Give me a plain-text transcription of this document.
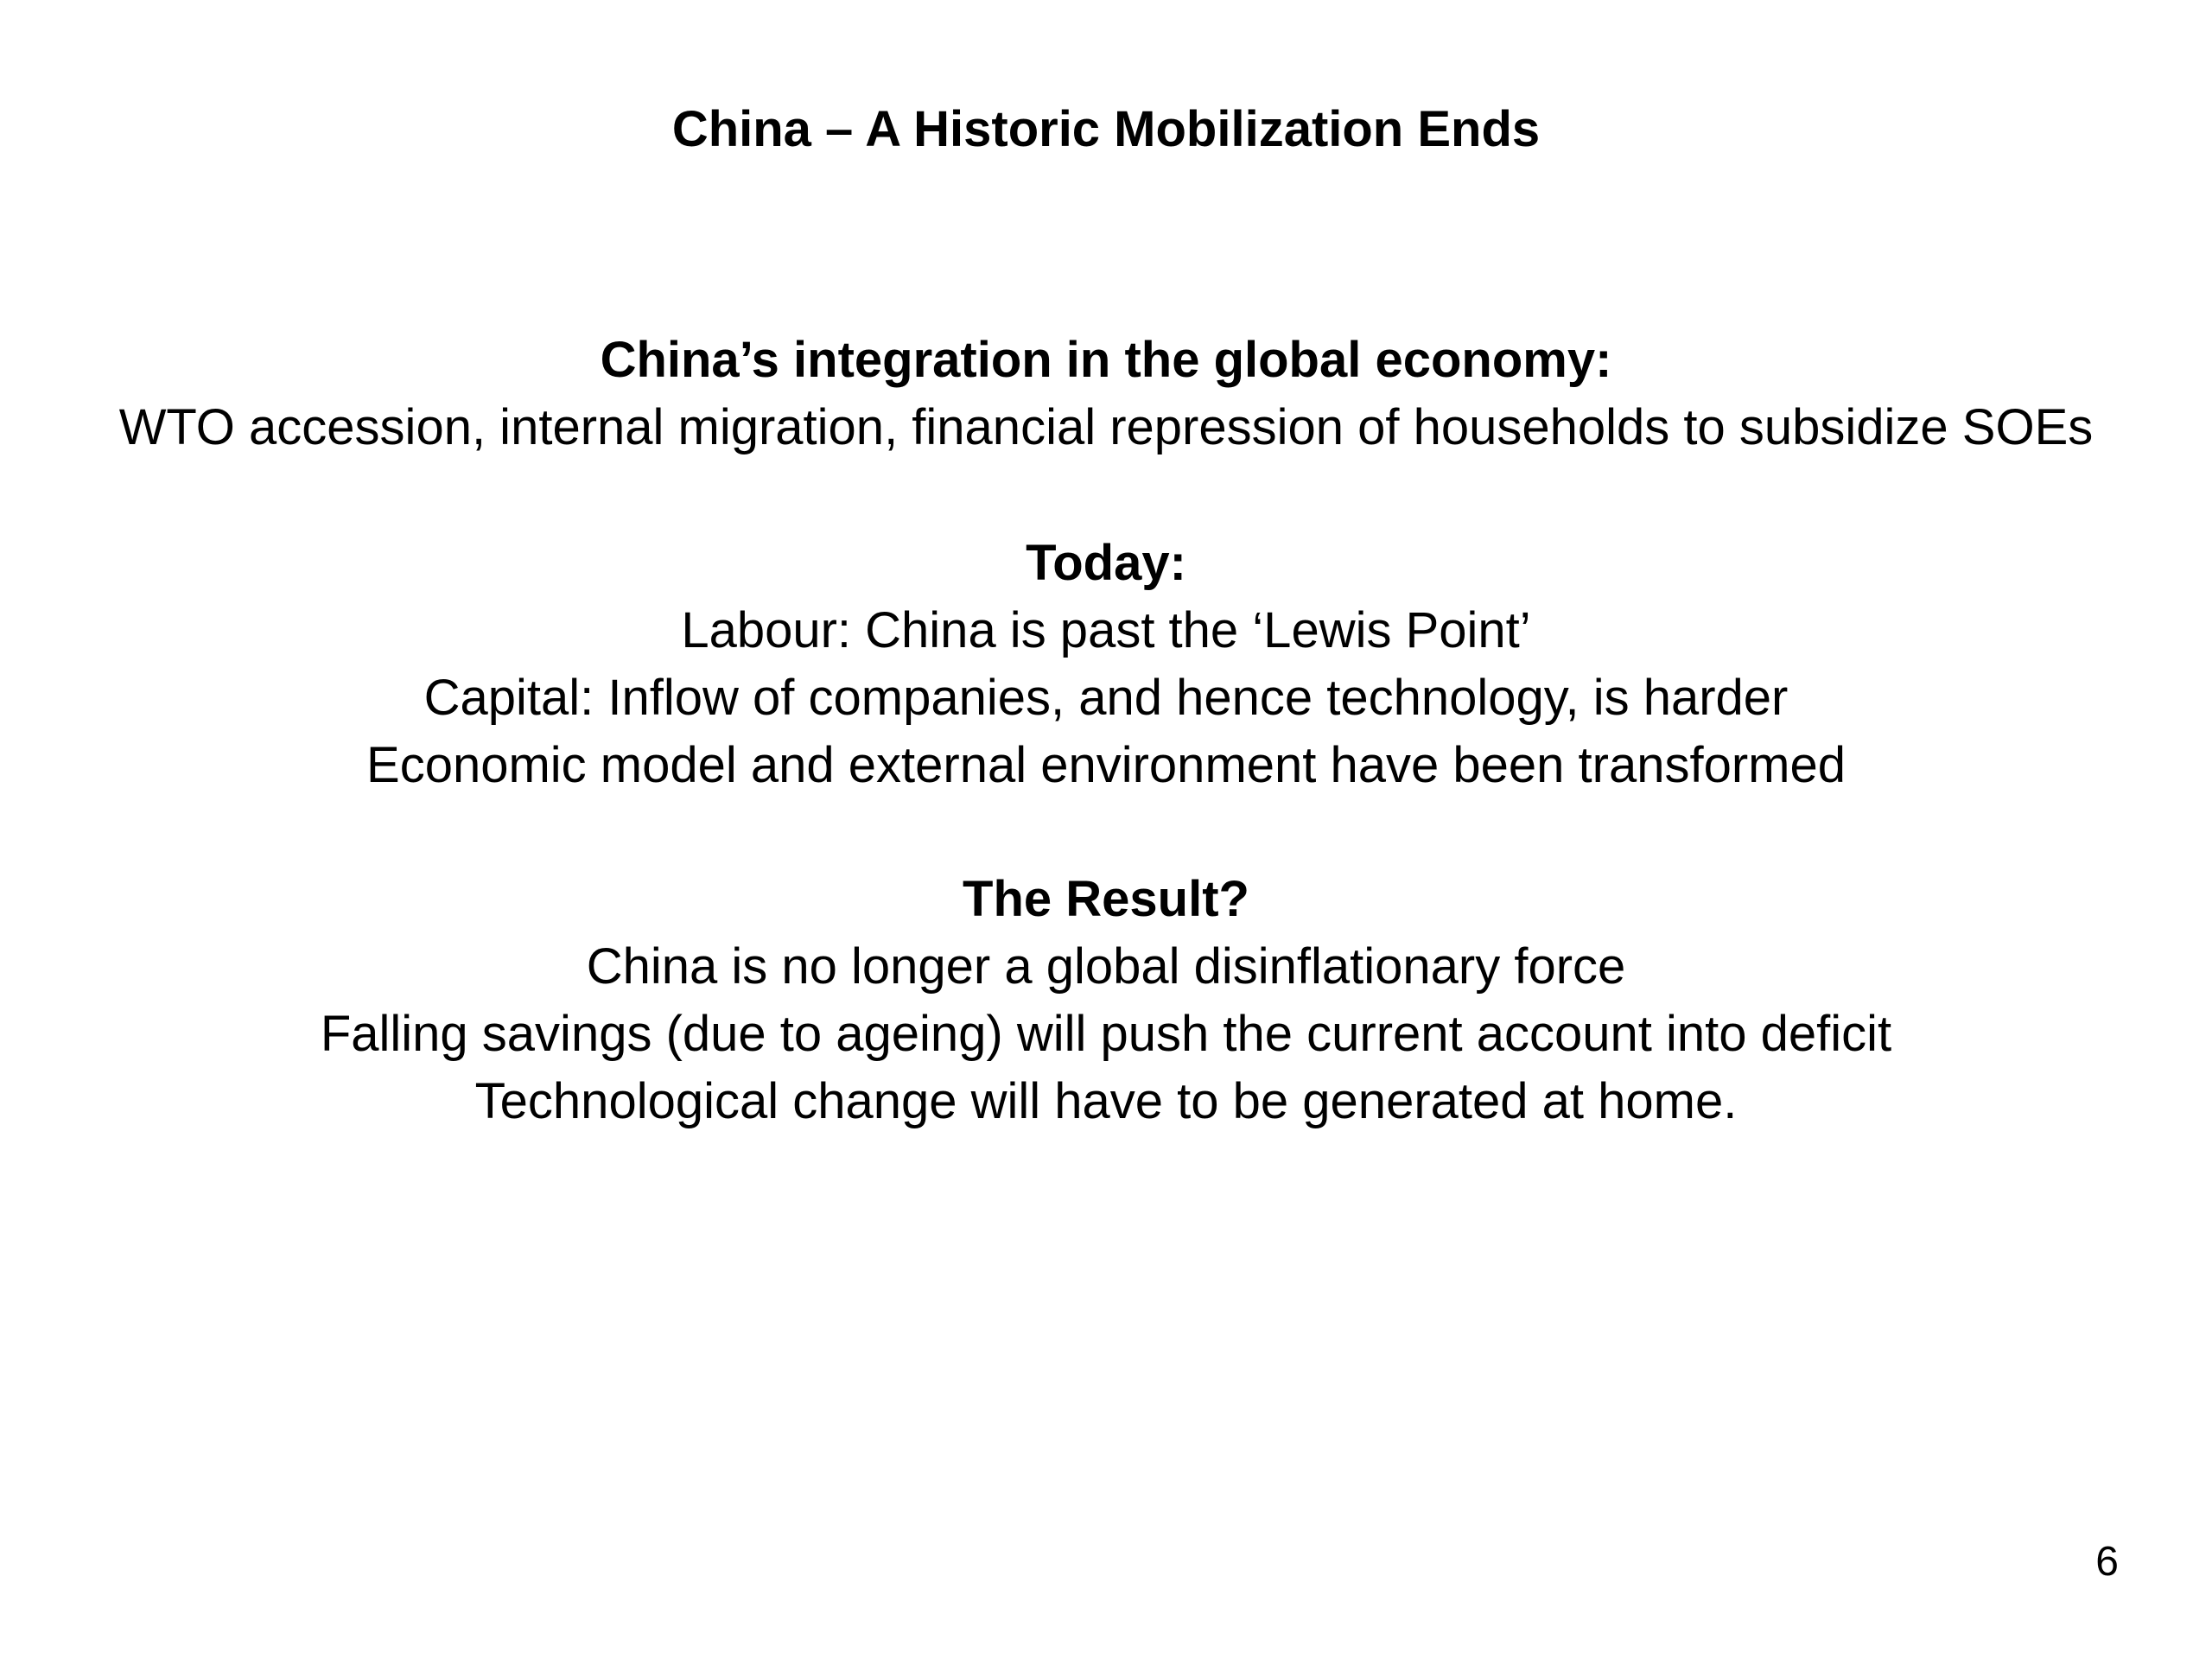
China – A Historic Mobilization Ends

China’s integration in the global economy:

WTO accession, internal migration, financial repression of households to subsidize SOEs

Today:

Labour: China is past the ‘Lewis Point’

Capital: Inflow of companies, and hence technology, is harder

Economic model and external environment have been transformed

The Result?

China is no longer a global disinflationary force

Falling savings (due to ageing) will push the current account into deficit

Technological change will have to be generated at home.

6
